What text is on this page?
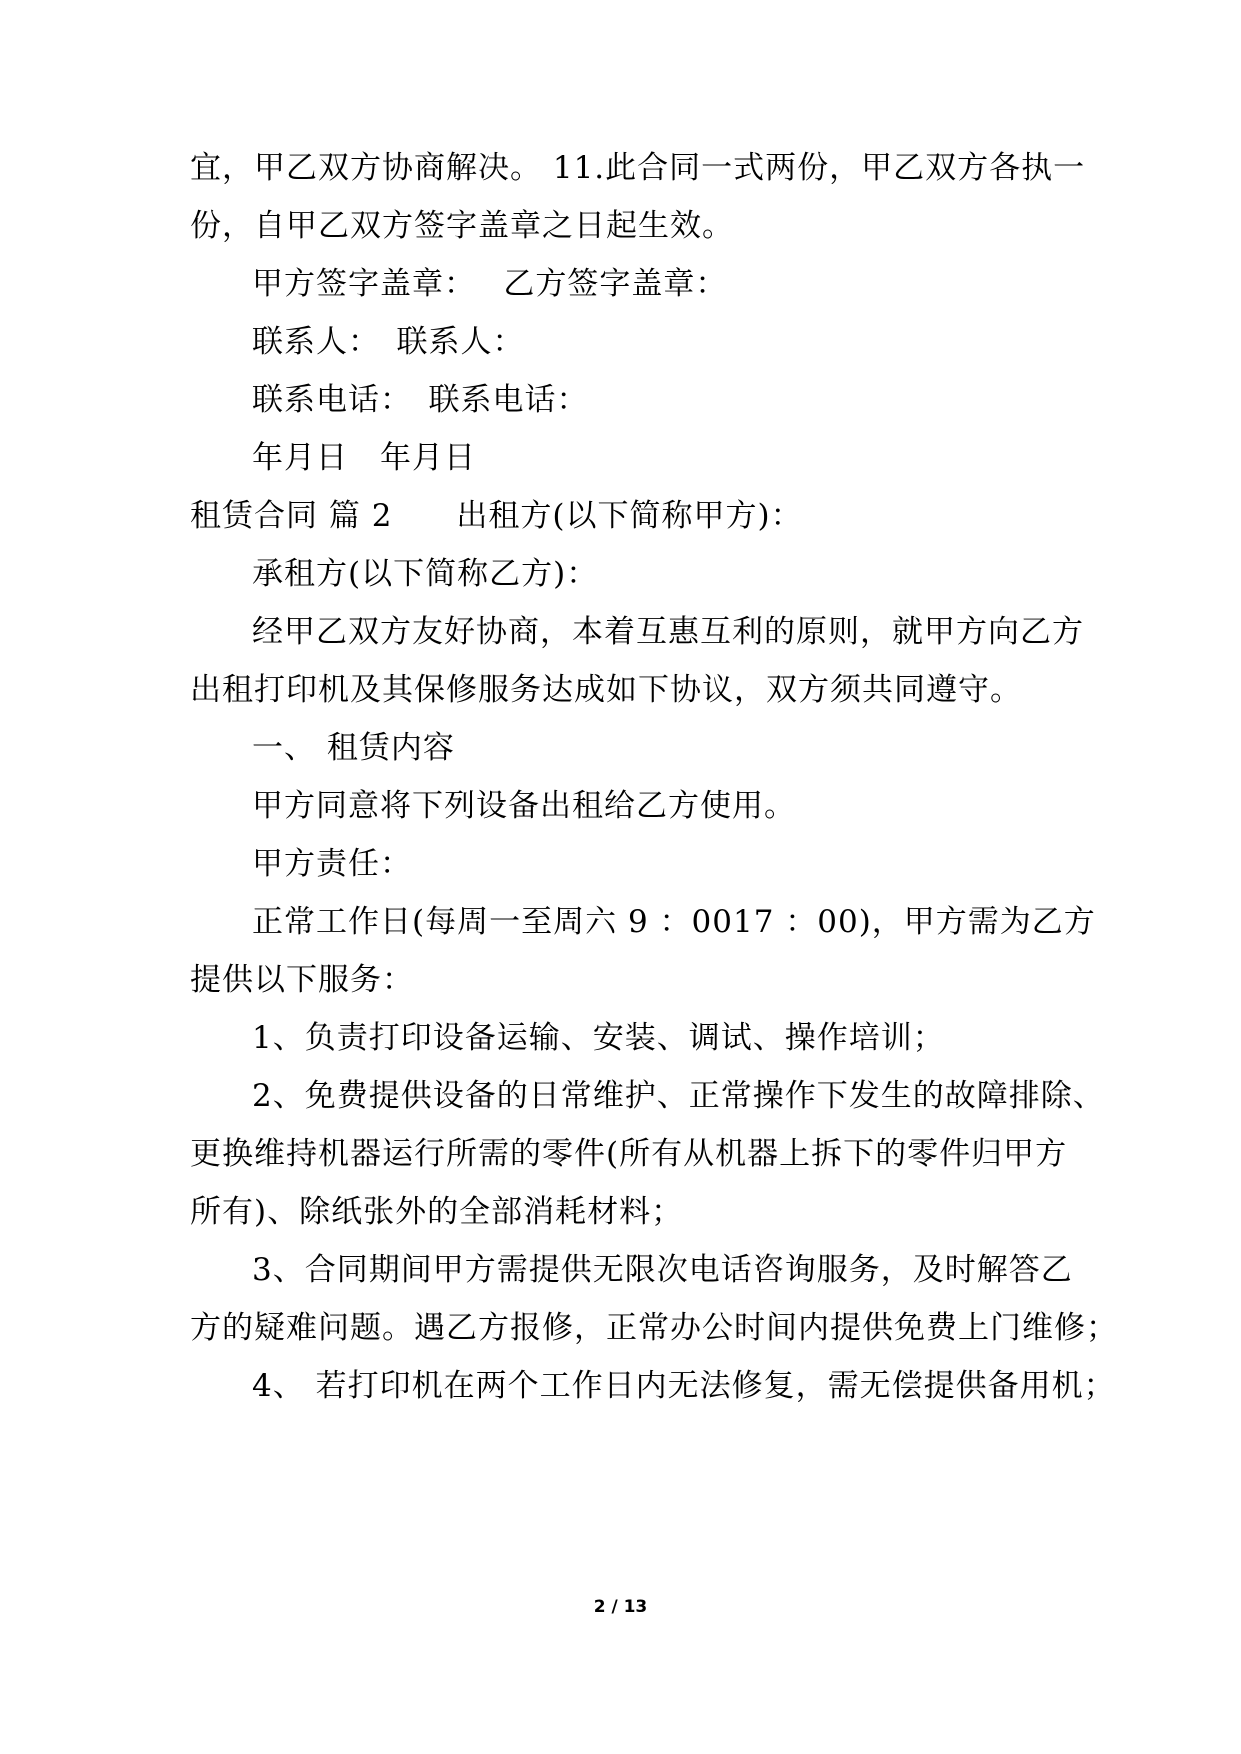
宜，甲乙双方协商解决。 11.此合同一式两份，甲乙双方各执一
份，自甲乙双方签字盖章之日起生效。
甲方签字盖章：　 乙方签字盖章：
联系人：　联系人：
联系电话：　联系电话：
年月日　年月日
租赁合同 篇 2　　出租方(以下简称甲方)：
承租方(以下简称乙方)：
经甲乙双方友好协商，本着互惠互利的原则，就甲方向乙方
出租打印机及其保修服务达成如下协议，双方须共同遵守。
一、 租赁内容
甲方同意将下列设备出租给乙方使用。
甲方责任：
正常工作日(每周一至周六 9 ：0017 ：00)，甲方需为乙方
提供以下服务：
1、负责打印设备运输、安装、调试、操作培训；
2、免费提供设备的日常维护、正常操作下发生的故障排除、
更换维持机器运行所需的零件(所有从机器上拆下的零件归甲方
所有)、除纸张外的全部消耗材料；
3、合同期间甲方需提供无限次电话咨询服务，及时解答乙
方的疑难问题。遇乙方报修，正常办公时间内提供免费上门维修；
4、 若打印机在两个工作日内无法修复，需无偿提供备用机；
2 / 13
